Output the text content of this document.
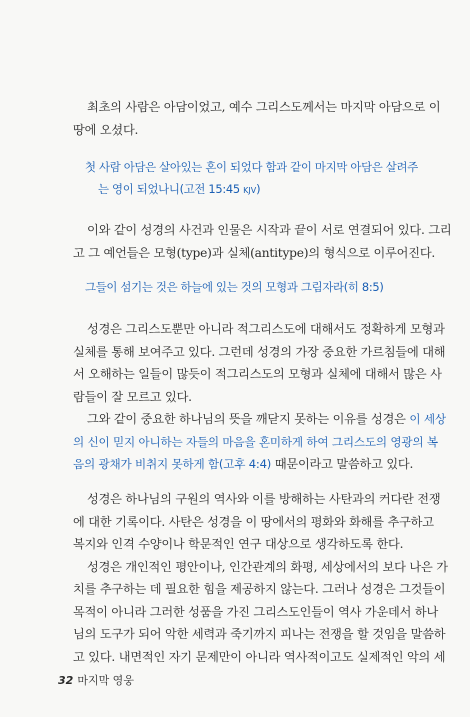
최초의 사람은 아담이었고, 예수 그리스도께서는 마지막 아담으로 이
땅에 오셨다.

첫 사람 아담은 살아있는 혼이 되었다 함과 같이 마지막 아담은 살려주
는 영이 되었나니(고전 15:45 KJV)

이와 같이 성경의 사건과 인물은 시작과 끝이 서로 연결되어 있다. 그리
고 그 예언들은 모형(type)과 실체(antitype)의 형식으로 이루어진다.

그들이 섬기는 것은 하늘에 있는 것의 모형과 그림자라(히 8:5)

성경은 그리스도뿐만 아니라 적그리스도에 대해서도 정확하게 모형과
실체를 통해 보여주고 있다. 그런데 성경의 가장 중요한 가르침들에 대해
서 오해하는 일들이 많듯이 적그리스도의 모형과 실체에 대해서 많은 사
람들이 잘 모르고 있다.
그와 같이 중요한 하나님의 뜻을 깨닫지 못하는 이유를 성경은 이 세상
의 신이 믿지 아니하는 자들의 마음을 혼미하게 하여 그리스도의 영광의 복
음의 광채가 비취지 못하게 함(고후 4:4) 때문이라고 말씀하고 있다.

성경은 하나님의 구원의 역사와 이를 방해하는 사탄과의 커다란 전쟁
에 대한 기록이다. 사탄은 성경을 이 땅에서의 평화와 화해를 추구하고
복지와 인격 수양이나 학문적인 연구 대상으로 생각하도록 한다.
성경은 개인적인 평안이나, 인간관계의 화평, 세상에서의 보다 나은 가
치를 추구하는 데 필요한 힘을 제공하지 않는다. 그러나 성경은 그것들이
목적이 아니라 그러한 성품을 가진 그리스도인들이 역사 가운데서 하나
님의 도구가 되어 악한 세력과 죽기까지 피나는 전쟁을 할 것임을 말씀하
고 있다. 내면적인 자기 문제만이 아니라 역사적이고도 실제적인 악의 세

32 마지막 영웅
